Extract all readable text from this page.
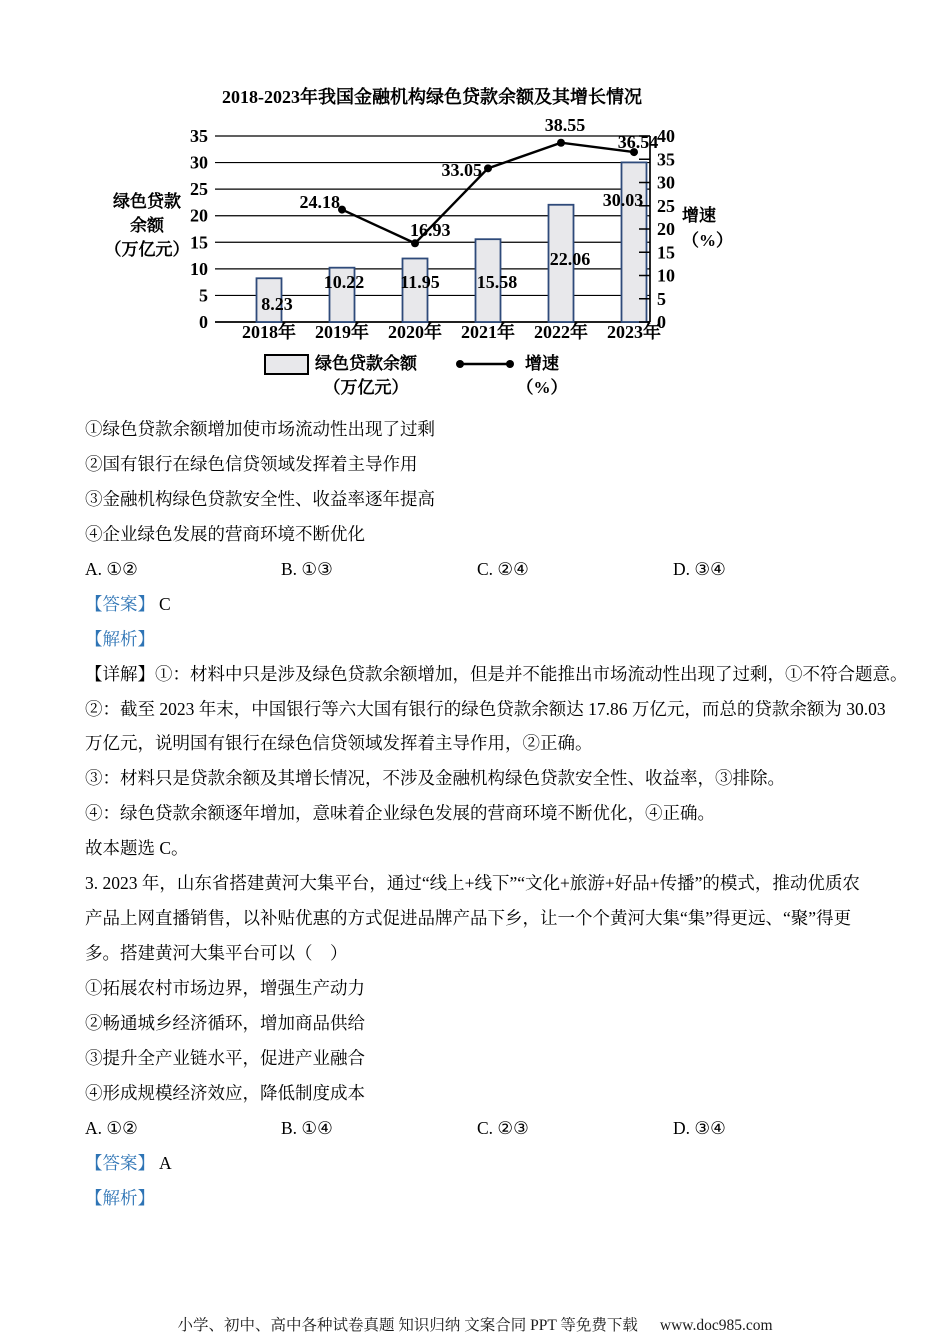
2018-2023年我国金融机构绿色贷款余额及其增长情况
0
5
10
15
20
25
30
35
绿色贷款
余额
（万亿元）
0
5
10
15
20
25
30
35
40
增速
（%）
8.23
10.22 11.95 15.58
22.06
30.03
24.18
16.93
33.05
38.55
36.54
2018年 2019年 2020年 2021年 2022年 2023年
绿色贷款余额
（万亿元）
增速
（%）
①绿色贷款余额增加使市场流动性出现了过剩
②国有银行在绿色信贷领域发挥着主导作用
③金融机构绿色贷款安全性、收益率逐年提高
④企业绿色发展的营商环境不断优化
A. ①②	B. ①③	C. ②④	D. ③④
【答案】 C
【解析】
【详解】①：材料中只是涉及绿色贷款余额增加，但是并不能推出市场流动性出现了过剩，①不符合题意。
②：截至 2023 年末，中国银行等六大国有银行的绿色贷款余额达 17.86 万亿元，而总的贷款余额为 30.03
万亿元，说明国有银行在绿色信贷领域发挥着主导作用，②正确。
③：材料只是贷款余额及其增长情况，不涉及金融机构绿色贷款安全性、收益率，③排除。
④：绿色贷款余额逐年增加，意味着企业绿色发展的营商环境不断优化，④正确。
故本题选 C。
3. 2023 年，山东省搭建黄河大集平台，通过“线上+线下”“文化+旅游+好品+传播”的模式，推动优质农
产品上网直播销售，以补贴优惠的方式促进品牌产品下乡，让一个个黄河大集“集”得更远、“聚”得更
多。搭建黄河大集平台可以（　）
①拓展农村市场边界，增强生产动力
②畅通城乡经济循环，增加商品供给
③提升全产业链水平，促进产业融合
④形成规模经济效应，降低制度成本
A. ①②	B. ①④	C. ②③	D. ③④
【答案】 A
【解析】
小学、初中、高中各种试卷真题 知识归纳 文案合同 PPT 等免费下载 www.doc985.com
